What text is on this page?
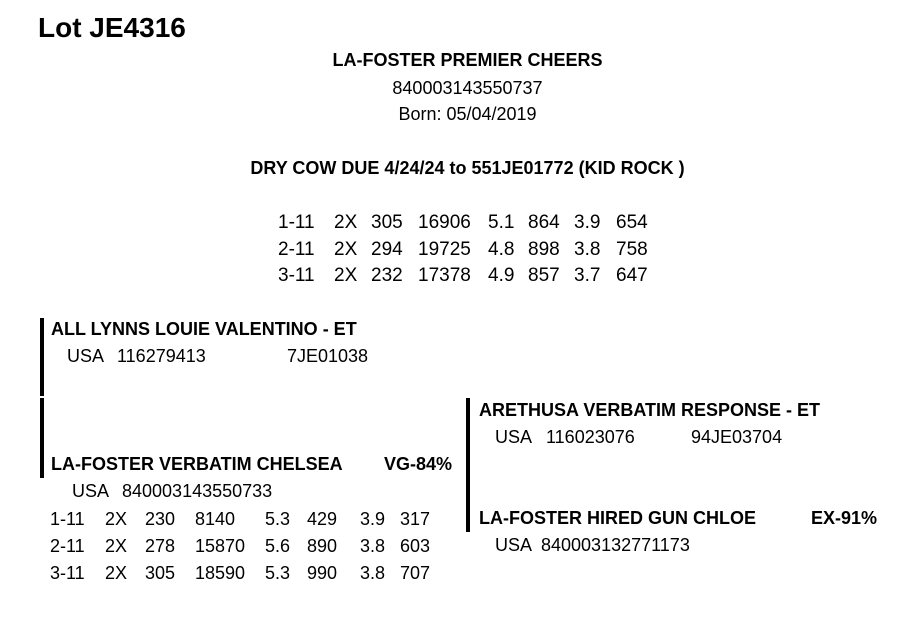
Lot JE4316
LA-FOSTER PREMIER CHEERS
840003143550737
Born: 05/04/2019
DRY COW DUE 4/24/24 to 551JE01772 (KID ROCK )
1-11 2X 305 16906 5.1 864 3.9 654
2-11 2X 294 19725 4.8 898 3.8 758
3-11 2X 232 17378 4.9 857 3.7 647
ALL LYNNS LOUIE VALENTINO - ET
USA 116279413	7JE01038
LA-FOSTER VERBATIM CHELSEA VG-84%
USA 840003143550733
1-11 2X 230 8140 5.3 429 3.9 317
2-11 2X 278 15870 5.6 890 3.8 603
3-11 2X 305 18590 5.3 990 3.8 707
ARETHUSA VERBATIM RESPONSE - ET
USA 116023076	94JE03704
LA-FOSTER HIRED GUN CHLOE	EX-91%
USA 840003132771173
